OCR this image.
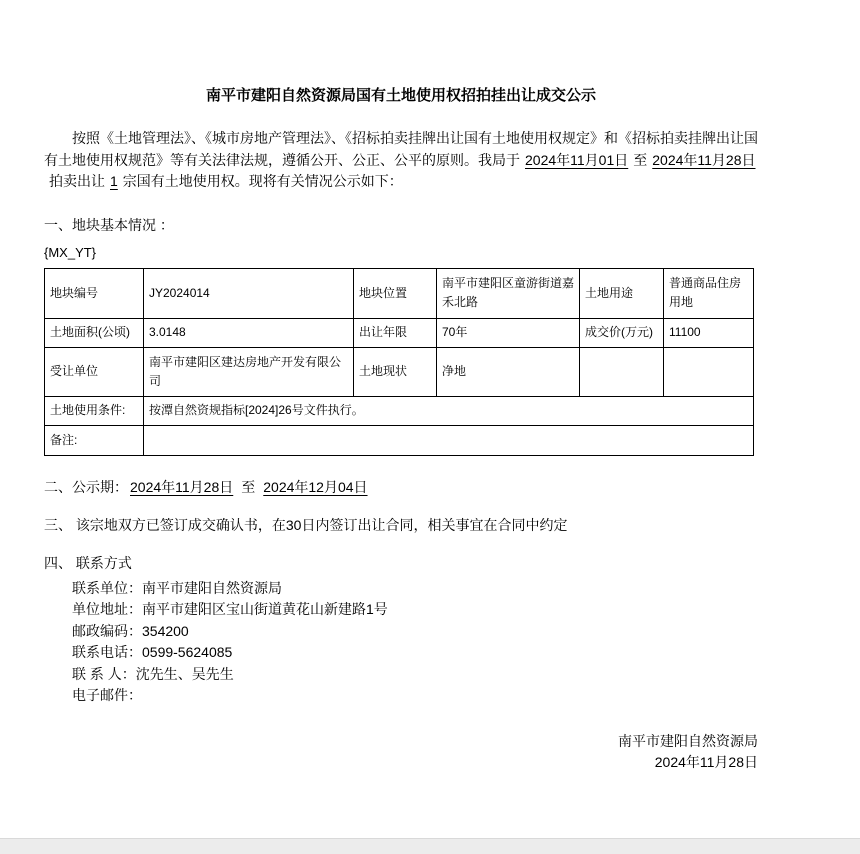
南平市建阳自然资源局国有土地使用权招拍挂出让成交公示

按照《土地管理法》、《城市房地产管理法》、《招标拍卖挂牌出让国有土地使用权规定》和《招标拍卖挂牌出让国有土地使用权规范》等有关法律法规，遵循公开、公正、公平的原则。我局于 2024年11月01日 至 2024年11月28日拍卖出让 1 宗国有土地使用权。现将有关情况公示如下：

一、地块基本情况 ：
{MX_YT}
地块编号	JY2024014	地块位置	南平市建阳区童游街道嘉禾北路	土地用途	普通商品住房用地
土地面积(公顷)	3.0148	出让年限	70年	成交价(万元)	11100
受让单位	南平市建阳区建达房地产开发有限公司	土地现状	净地		
土地使用条件:	按潭自然资规指标[2024]26号文件执行。				
备注:					
二、公示期： 2024年11月28日 至 2024年12月04日
三、 该宗地双方已签订成交确认书，在30日内签订出让合同，相关事宜在合同中约定
四、 联系方式
联系单位：南平市建阳自然资源局
单位地址：南平市建阳区宝山街道黄花山新建路1号
邮政编码：354200
联系电话：0599-5624085
联 系 人：沈先生、吴先生
电子邮件：
南平市建阳自然资源局
2024年11月28日
